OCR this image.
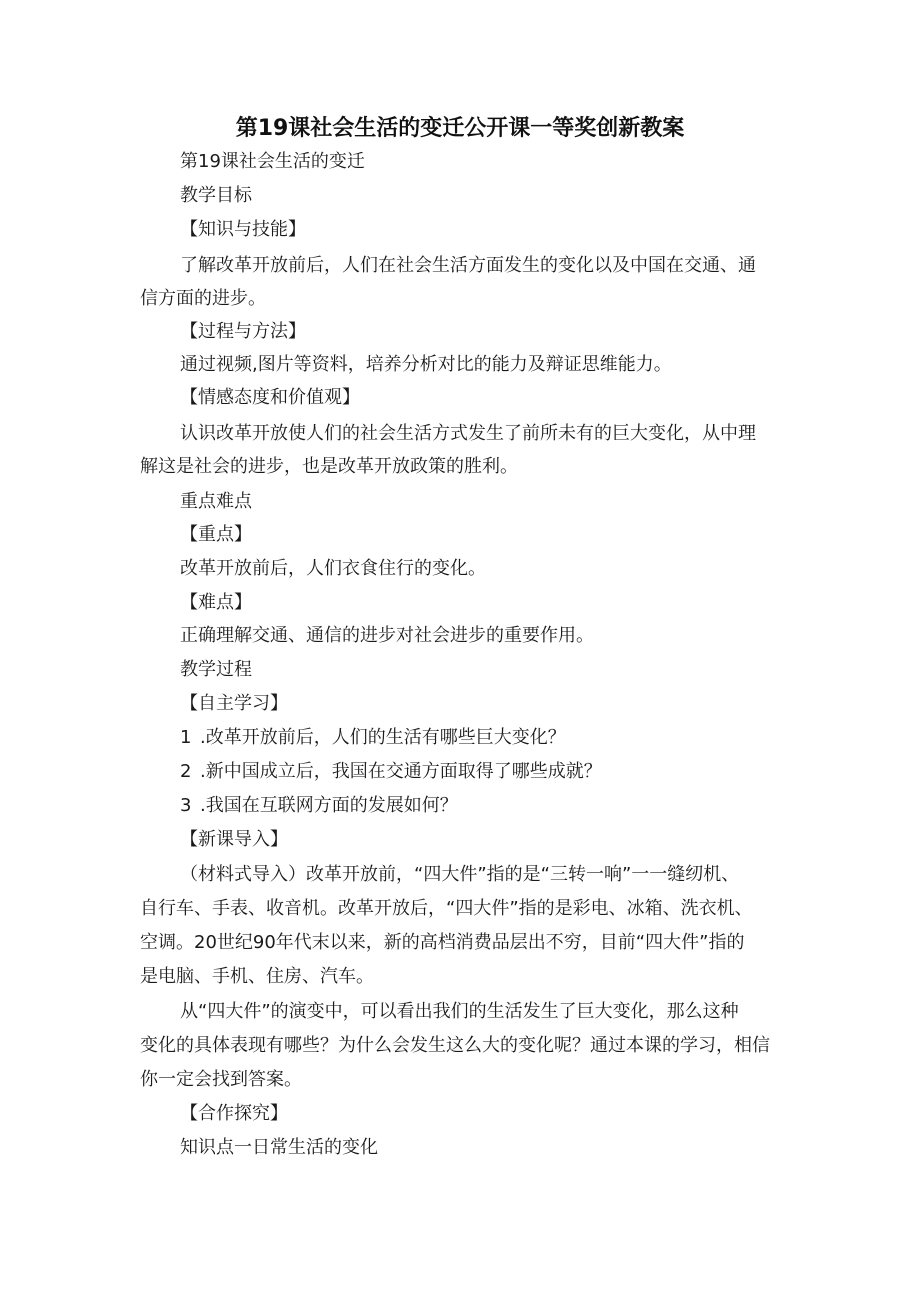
第19课社会生活的变迁公开课一等奖创新教案
第19课社会生活的变迁
教学目标
【知识与技能】
了解改革开放前后，人们在社会生活方面发生的变化以及中国在交通、通
信方面的进步。
【过程与方法】
通过视频,图片等资料，培养分析对比的能力及辩证思维能力。
【情感态度和价值观】
认识改革开放使人们的社会生活方式发生了前所未有的巨大变化，从中理
解这是社会的进步，也是改革开放政策的胜利。
重点难点
【重点】
改革开放前后，人们衣食住行的变化。
【难点】
正确理解交通、通信的进步对社会进步的重要作用。
教学过程
【自主学习】
1 .改革开放前后，人们的生活有哪些巨大变化？
2 .新中国成立后，我国在交通方面取得了哪些成就？
3 .我国在互联网方面的发展如何？
【新课导入】
（材料式导入）改革开放前，“四大件”指的是“三转一响”一一缝纫机、
自行车、手表、收音机。改革开放后，“四大件”指的是彩电、冰箱、洗衣机、
空调。20世纪90年代末以来，新的高档消费品层出不穷，目前“四大件”指的
是电脑、手机、住房、汽车。
从“四大件”的演变中，可以看出我们的生活发生了巨大变化，那么这种
变化的具体表现有哪些？为什么会发生这么大的变化呢？通过本课的学习，相信
你一定会找到答案。
【合作探究】
知识点一日常生活的变化
